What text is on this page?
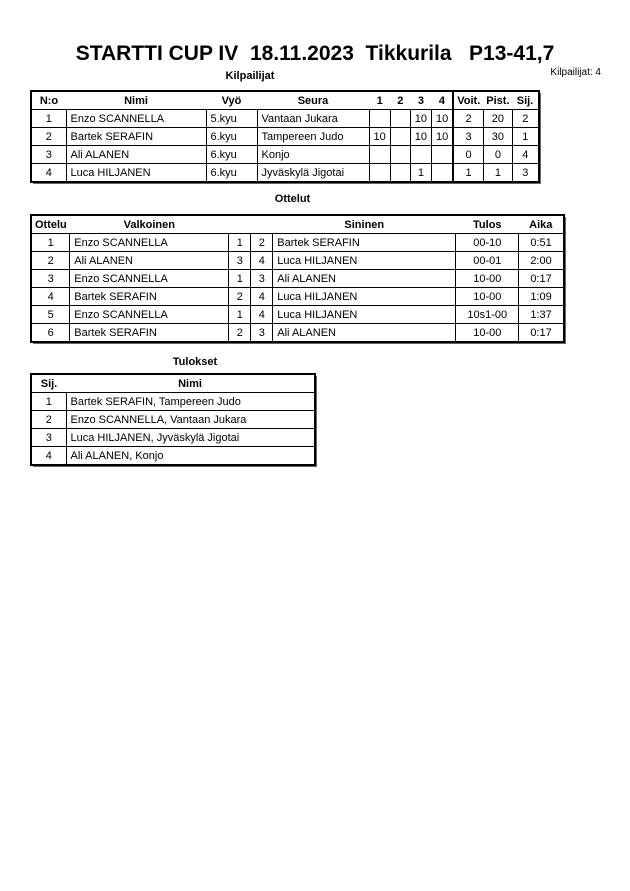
STARTTI CUP IV  18.11.2023  Tikkurila   P13-41,7
Kilpailijat	Kilpailijat: 4
N:o	Nimi	Vyö	Seura	1	2	3	4	Voit.	Pist.	Sij.
1	Enzo SCANNELLA	5.kyu	Vantaan Jukara			10	10	2	20	2
2	Bartek SERAFIN	6.kyu	Tampereen Judo	10		10	10	3	30	1
3	Ali ALANEN	6.kyu	Konjo					0	0	4
4	Luca HILJANEN	6.kyu	Jyväskylä Jigotai			1		1	1	3
Ottelut
Ottelu	Valkoinen			Sininen	Tulos	Aika
1	Enzo SCANNELLA	1	2	Bartek SERAFIN	00-10	0:51
2	Ali ALANEN	3	4	Luca HILJANEN	00-01	2:00
3	Enzo SCANNELLA	1	3	Ali ALANEN	10-00	0:17
4	Bartek SERAFIN	2	4	Luca HILJANEN	10-00	1:09
5	Enzo SCANNELLA	1	4	Luca HILJANEN	10s1-00	1:37
6	Bartek SERAFIN	2	3	Ali ALANEN	10-00	0:17
Tulokset
Sij.	Nimi
1	Bartek SERAFIN, Tampereen Judo
2	Enzo SCANNELLA, Vantaan Jukara
3	Luca HILJANEN, Jyväskylä Jigotai
4	Ali ALANEN, Konjo
